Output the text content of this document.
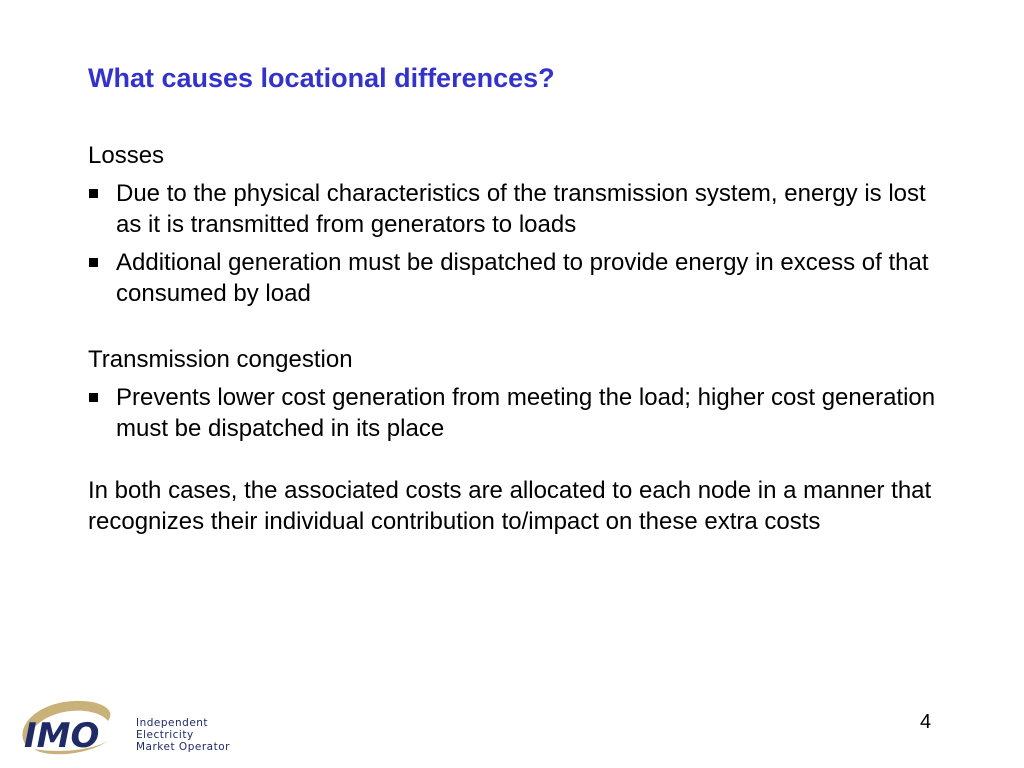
What causes locational differences?

Losses

Due to the physical characteristics of the transmission system, energy is lost as it is transmitted from generators to loads
Additional generation must be dispatched to provide energy in excess of that consumed by load

Transmission congestion

Prevents lower cost generation from meeting the load; higher cost generation must be dispatched in its place

In both cases, the associated costs are allocated to each node in a manner that recognizes their individual contribution to/impact on these extra costs

IMO	Independent
Electricity
Market Operator
4
